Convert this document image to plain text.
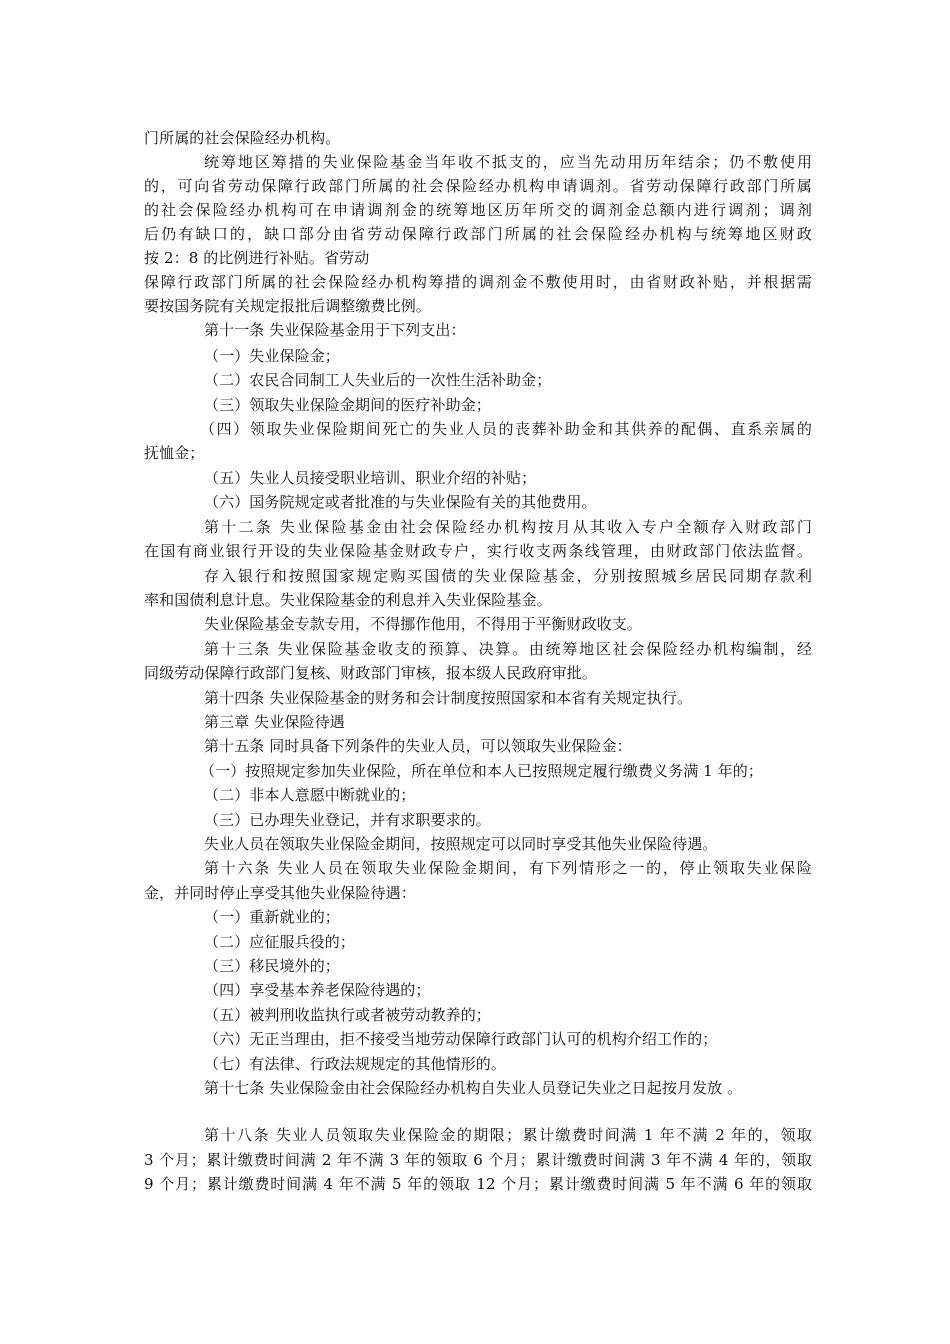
门所属的社会保险经办机构。
统筹地区筹措的失业保险基金当年收不抵支的，应当先动用历年结余；仍不敷使用
的，可向省劳动保障行政部门所属的社会保险经办机构申请调剂。省劳动保障行政部门所属
的社会保险经办机构可在申请调剂金的统筹地区历年所交的调剂金总额内进行调剂；调剂
后仍有缺口的，缺口部分由省劳动保障行政部门所属的社会保险经办机构与统筹地区财政
按 2：8 的比例进行补贴。省劳动
保障行政部门所属的社会保险经办机构筹措的调剂金不敷使用时，由省财政补贴，并根据需
要按国务院有关规定报批后调整缴费比例。
第十一条 失业保险基金用于下列支出：
（一）失业保险金；
（二）农民合同制工人失业后的一次性生活补助金；
（三）领取失业保险金期间的医疗补助金；
（四）领取失业保险期间死亡的失业人员的丧葬补助金和其供养的配偶、直系亲属的
抚恤金；
（五）失业人员接受职业培训、职业介绍的补贴；
（六）国务院规定或者批准的与失业保险有关的其他费用。
第十二条 失业保险基金由社会保险经办机构按月从其收入专户全额存入财政部门
在国有商业银行开设的失业保险基金财政专户，实行收支两条线管理，由财政部门依法监督。
存入银行和按照国家规定购买国债的失业保险基金，分别按照城乡居民同期存款利
率和国债利息计息。失业保险基金的利息并入失业保险基金。
失业保险基金专款专用，不得挪作他用，不得用于平衡财政收支。
第十三条 失业保险基金收支的预算、决算。由统筹地区社会保险经办机构编制，经
同级劳动保障行政部门复核、财政部门审核，报本级人民政府审批。
第十四条 失业保险基金的财务和会计制度按照国家和本省有关规定执行。
第三章 失业保险待遇
第十五条 同时具备下列条件的失业人员，可以领取失业保险金：
（一）按照规定参加失业保险，所在单位和本人已按照规定履行缴费义务满 1 年的；
（二）非本人意愿中断就业的；
（三）已办理失业登记，并有求职要求的。
失业人员在领取失业保险金期间，按照规定可以同时享受其他失业保险待遇。
第十六条 失业人员在领取失业保险金期间，有下列情形之一的，停止领取失业保险
金，并同时停止享受其他失业保险待遇：
（一）重新就业的；
（二）应征服兵役的；
（三）移民境外的；
（四）享受基本养老保险待遇的；
（五）被判刑收监执行或者被劳动教养的；
（六）无正当理由，拒不接受当地劳动保障行政部门认可的机构介绍工作的；
（七）有法律、行政法规规定的其他情形的。
第十七条 失业保险金由社会保险经办机构自失业人员登记失业之日起按月发放 。
第十八条 失业人员领取失业保险金的期限；累计缴费时间满 1 年不满 2 年的，领取
3 个月；累计缴费时间满 2 年不满 3 年的领取 6 个月；累计缴费时间满 3 年不满 4 年的，领取
9 个月；累计缴费时间满 4 年不满 5 年的领取 12 个月；累计缴费时间满 5 年不满 6 年的领取
